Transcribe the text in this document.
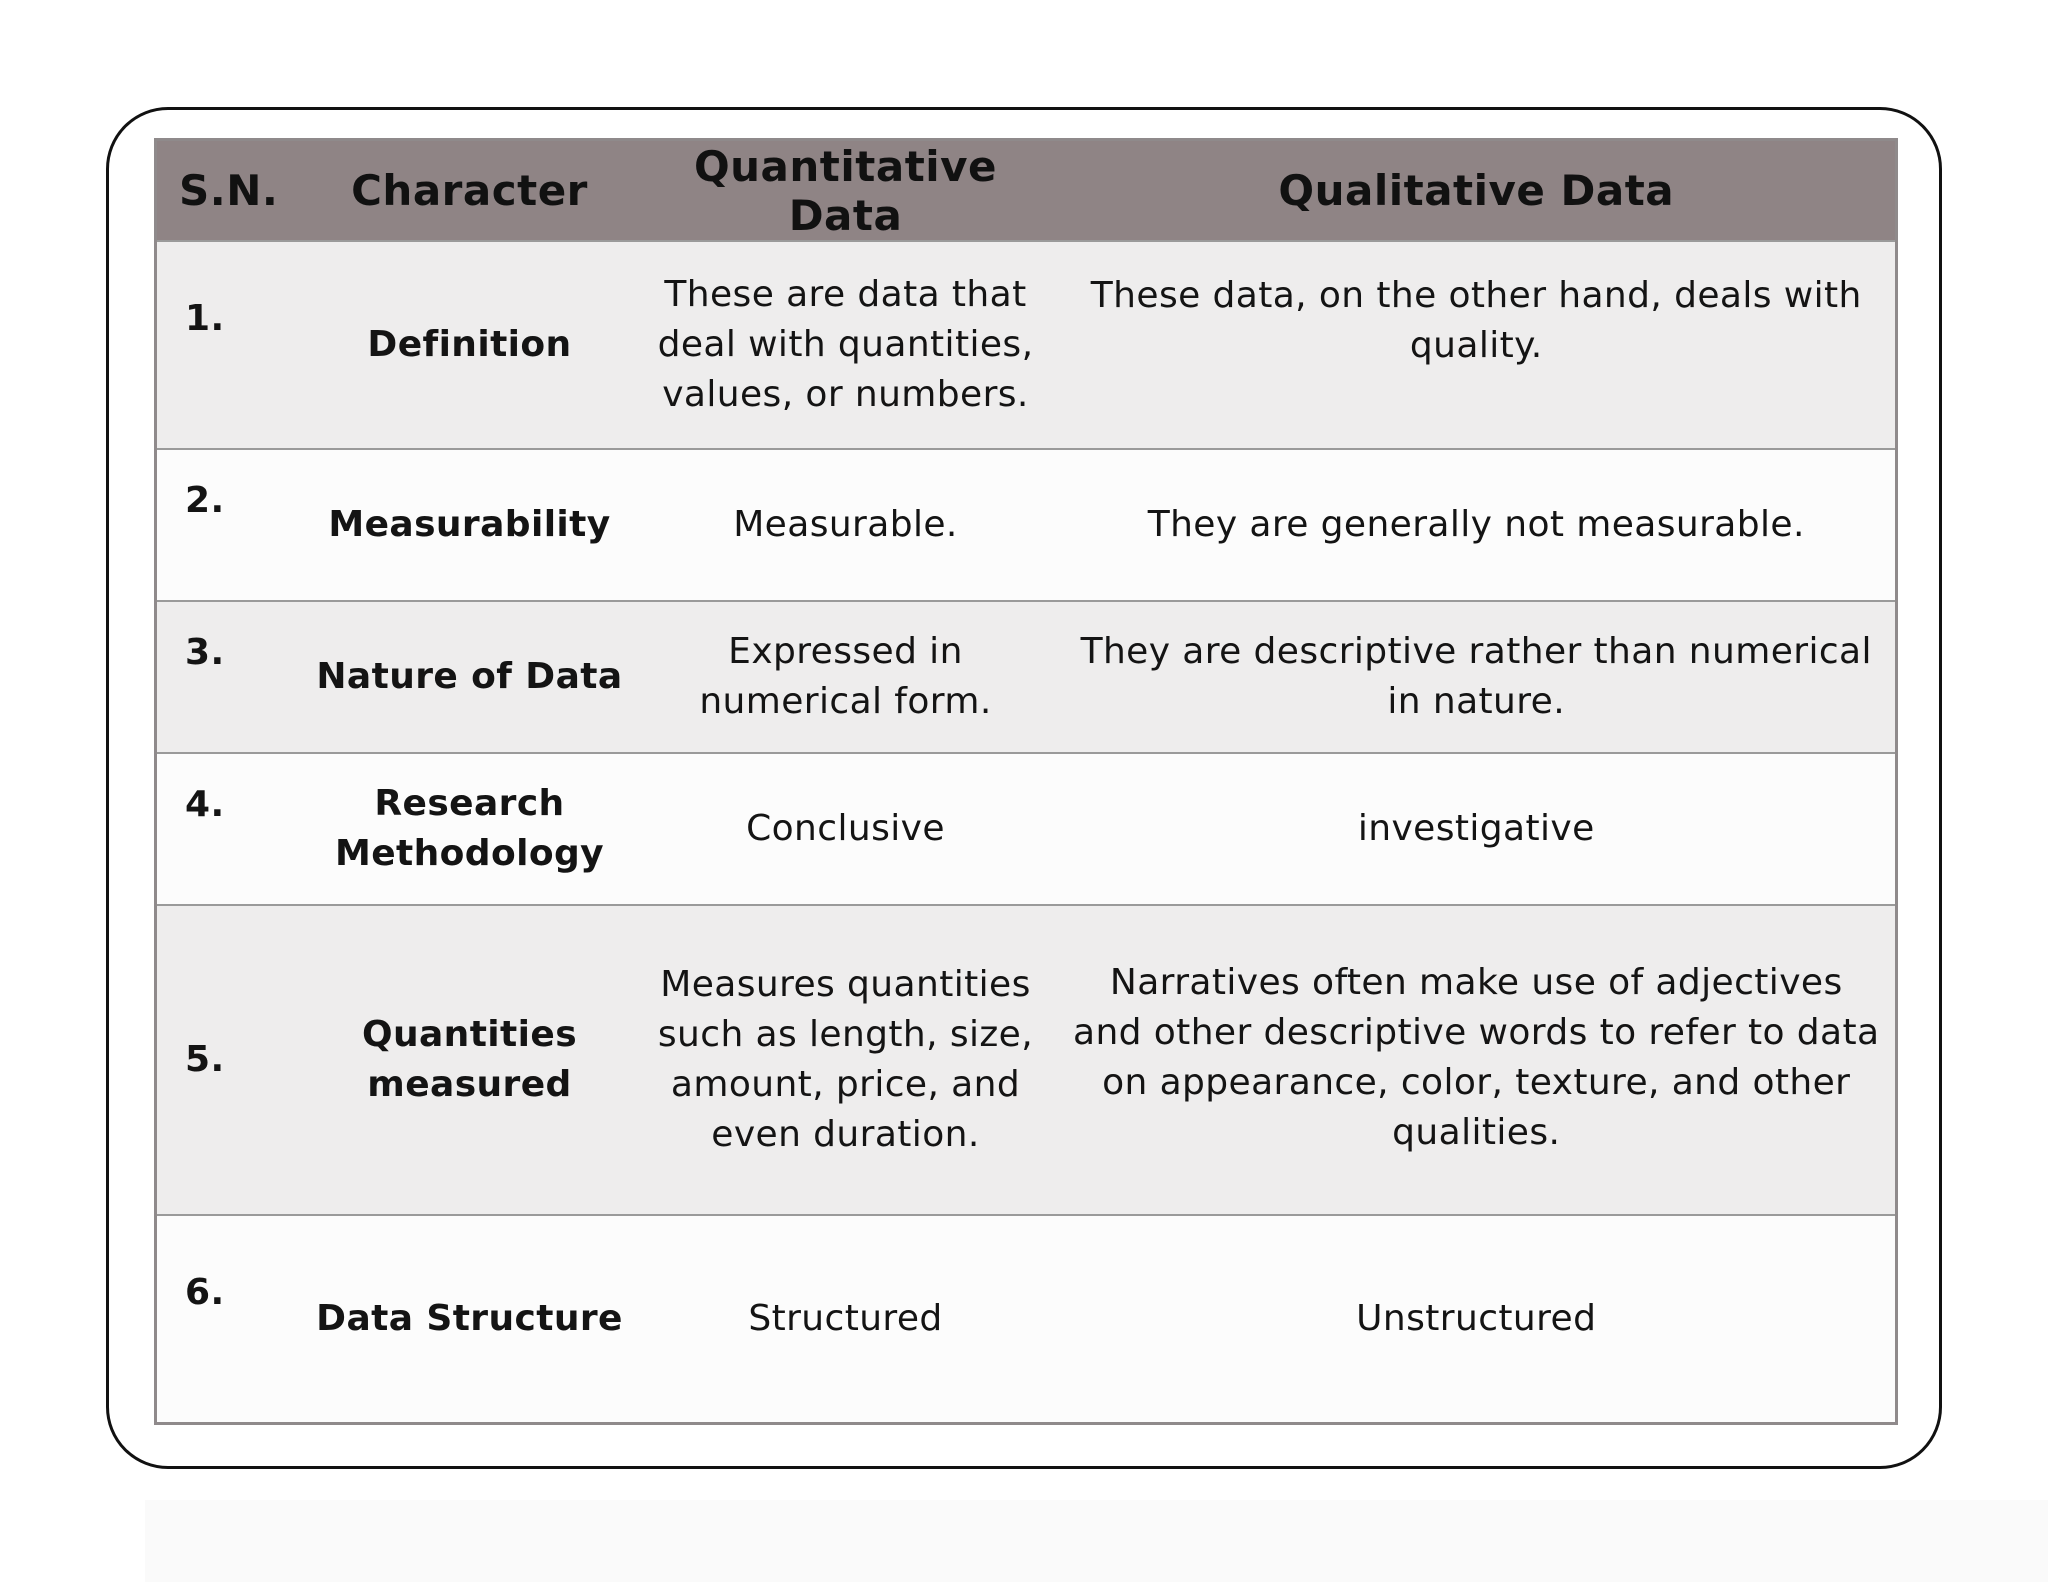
S.N.	Character	Quantitative Data	Qualitative Data
1.	Definition	These are data that deal with quantities, values, or numbers.	These data, on the other hand, deals with quality.
2.	Measurability	Measurable.	They are generally not measurable.
3.	Nature of Data	Expressed in numerical form.	They are descriptive rather than numerical in nature.
4.	Research Methodology	Conclusive	investigative
5.	Quantities measured	Measures quantities such as length, size, amount, price, and even duration.	Narratives often make use of adjectives and other descriptive words to refer to data on appearance, color, texture, and other qualities.
6.	Data Structure	Structured	Unstructured
